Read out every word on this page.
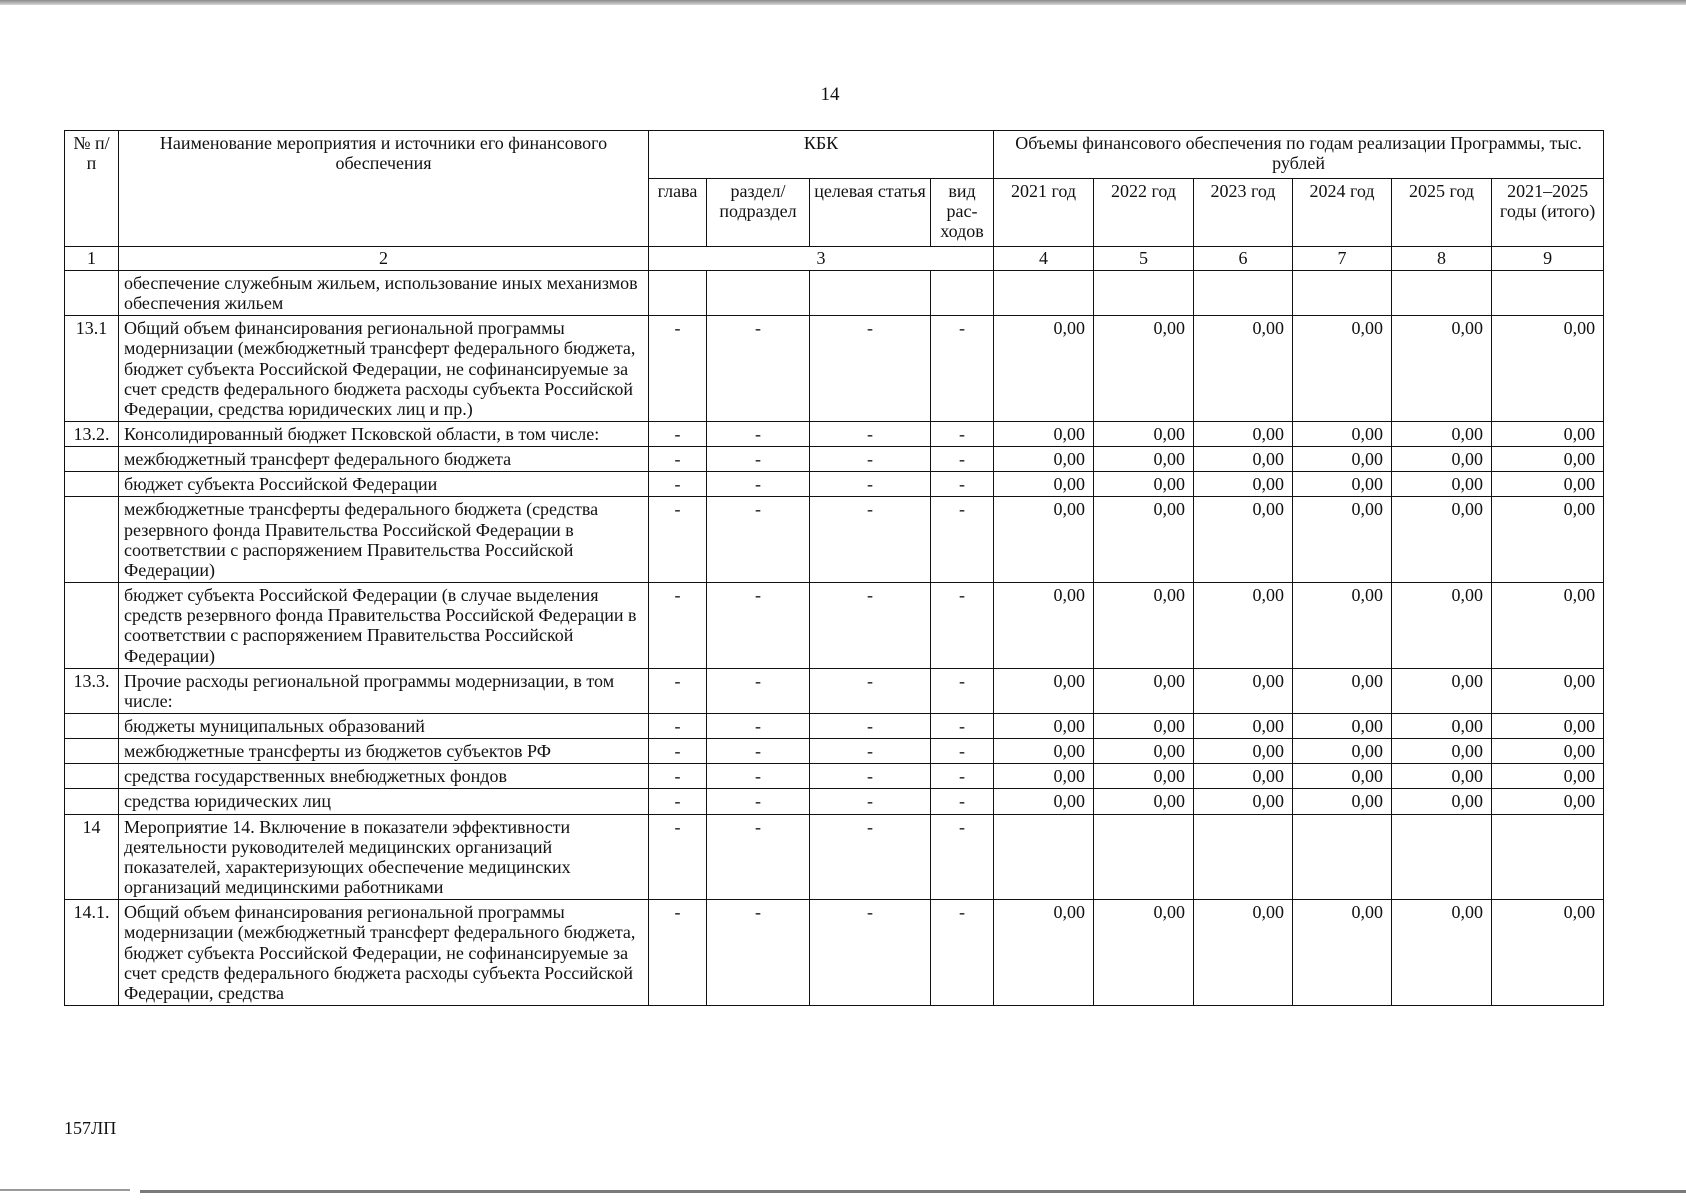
14
№ п/п	Наименование мероприятия и источники его финансового обеспечения	КБК				Объемы финансового обеспечения по годам реализации Программы, тыс. рублей					
		глава	раздел/ подраздел	целевая статья	вид рас-ходов	2021 год	2022 год	2023 год	2024 год	2025 год	2021–2025 годы (итого)
1	2	3				4	5	6	7	8	9
	обеспечение служебным жильем, использование иных механизмов обеспечения жильем										
13.1	Общий объем финансирования региональной программы модернизации (межбюджетный трансферт федерального бюджета, бюджет субъекта Российской Федерации, не софинансируемые за счет средств федерального бюджета расходы субъекта Российской Федерации, средства юридических лиц и пр.)	-	-	-	-	0,00	0,00	0,00	0,00	0,00	0,00
13.2.	Консолидированный бюджет Псковской области, в том числе:	-	-	-	-	0,00	0,00	0,00	0,00	0,00	0,00
	межбюджетный трансферт федерального бюджета	-	-	-	-	0,00	0,00	0,00	0,00	0,00	0,00
	бюджет субъекта Российской Федерации	-	-	-	-	0,00	0,00	0,00	0,00	0,00	0,00
	межбюджетные трансферты федерального бюджета (средства резервного фонда Правительства Российской Федерации в соответствии с распоряжением Правительства Российской Федерации)	-	-	-	-	0,00	0,00	0,00	0,00	0,00	0,00
	бюджет субъекта Российской Федерации (в случае выделения средств резервного фонда Правительства Российской Федерации в соответствии с распоряжением Правительства Российской Федерации)	-	-	-	-	0,00	0,00	0,00	0,00	0,00	0,00
13.3.	Прочие расходы региональной программы модернизации, в том числе:	-	-	-	-	0,00	0,00	0,00	0,00	0,00	0,00
	бюджеты муниципальных образований	-	-	-	-	0,00	0,00	0,00	0,00	0,00	0,00
	межбюджетные трансферты из бюджетов субъектов РФ	-	-	-	-	0,00	0,00	0,00	0,00	0,00	0,00
	средства государственных внебюджетных фондов	-	-	-	-	0,00	0,00	0,00	0,00	0,00	0,00
	средства юридических лиц	-	-	-	-	0,00	0,00	0,00	0,00	0,00	0,00
14	Мероприятие 14. Включение в показатели эффективности деятельности руководителей медицинских организаций показателей, характеризующих обеспечение медицинских организаций медицинскими работниками	-	-	-	-						
14.1.	Общий объем финансирования региональной программы модернизации (межбюджетный трансферт федерального бюджета, бюджет субъекта Российской Федерации, не софинансируемые за счет средств федерального бюджета расходы субъекта Российской Федерации, средства	-	-	-	-	0,00	0,00	0,00	0,00	0,00	0,00
157ЛП
